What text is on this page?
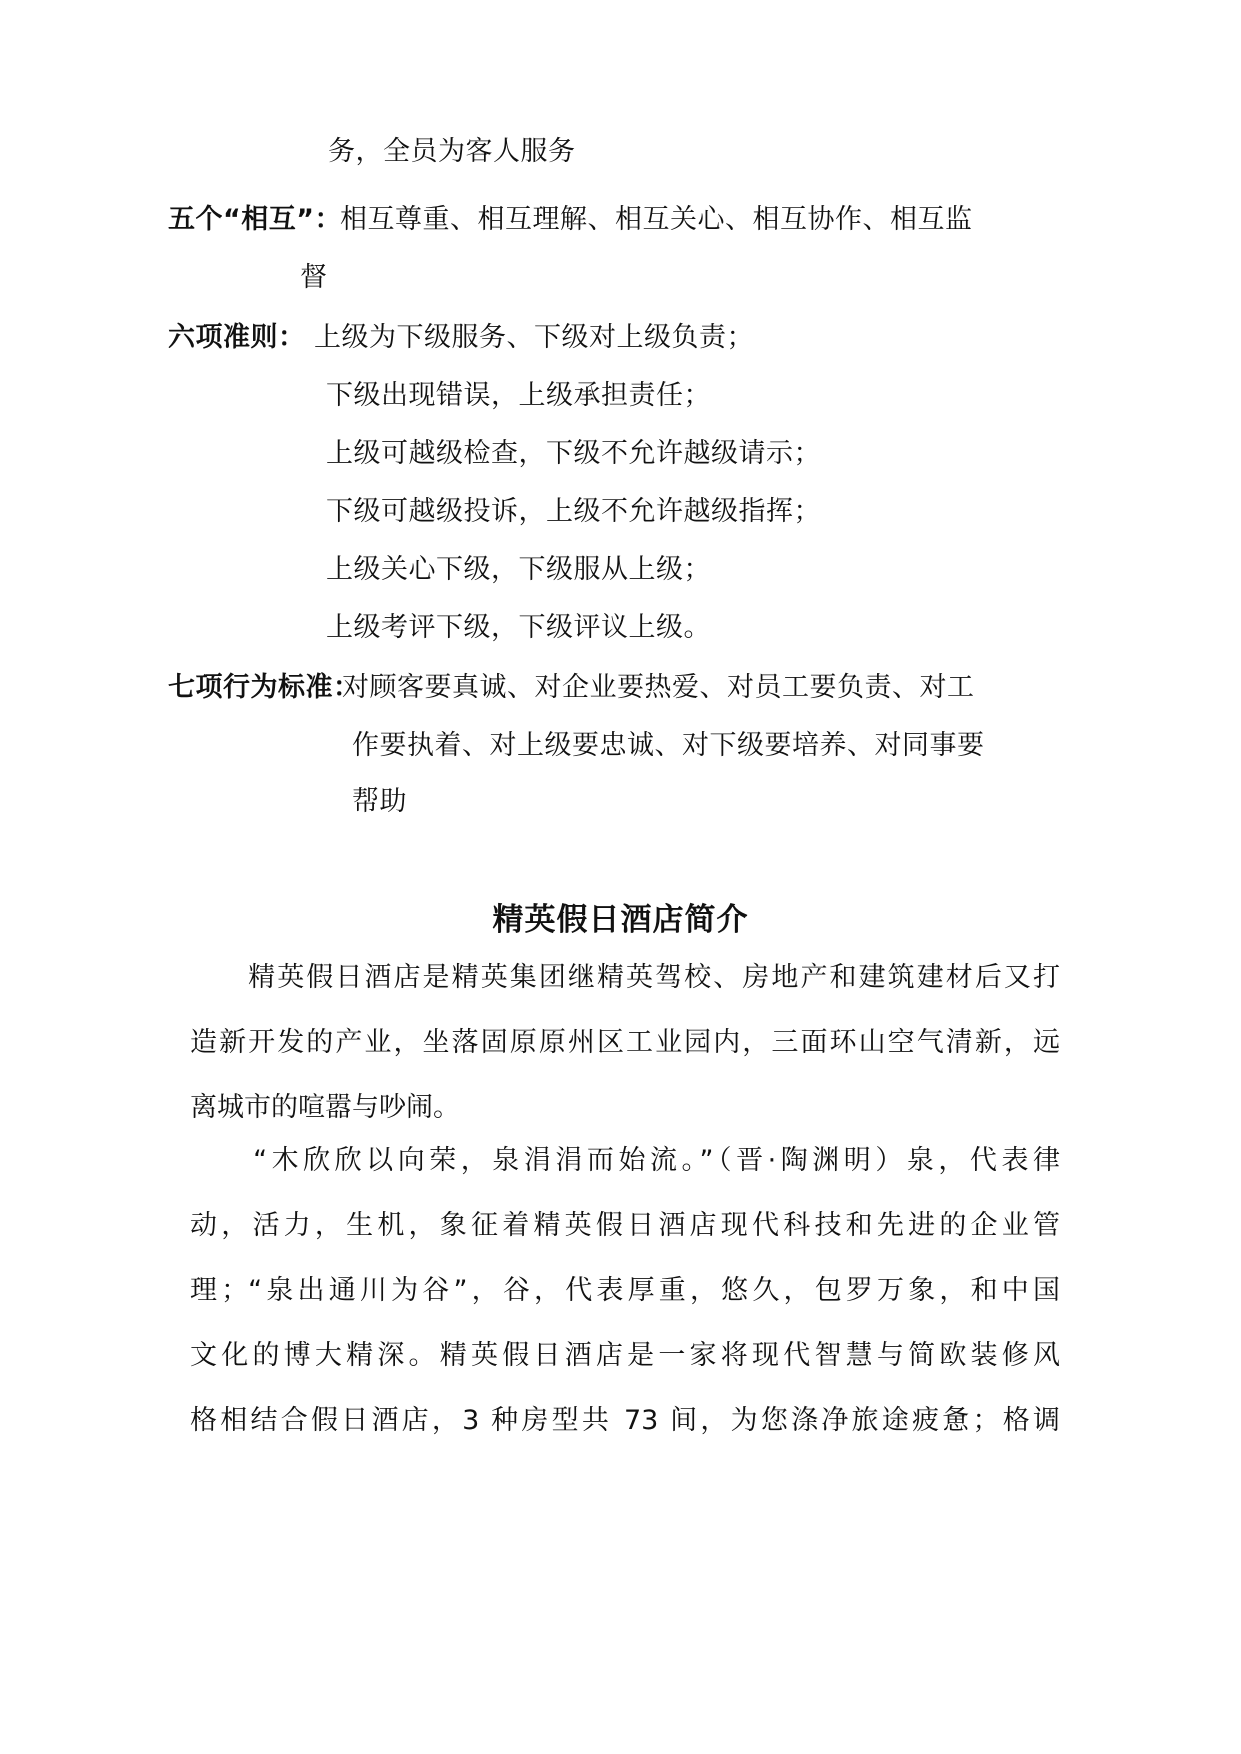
务，全员为客人服务
五个“相互”：
相互尊重、相互理解、相互关心、相互协作、相互监
督
六项准则： 上级为下级服务、下级对上级负责；
下级出现错误，上级承担责任；
上级可越级检查，下级不允许越级请示；
下级可越级投诉，上级不允许越级指挥；
上级关心下级，下级服从上级；
上级考评下级，下级评议上级。
七项行为标准：
对顾客要真诚、对企业要热爱、对员工要负责、对工
作要执着、对上级要忠诚、对下级要培养、对同事要
帮助
精英假日酒店简介
　　精英假日酒店是精英集团继精英驾校、房地产和建筑建材后又打
造新开发的产业，坐落固原原州区工业园内，三面环山空气清新，远
离城市的喧嚣与吵闹。
　　“木欣欣以向荣，泉涓涓而始流。”（晋·陶渊明）泉，代表律
动，活力，生机，象征着精英假日酒店现代科技和先进的企业管
理；“泉出通川为谷”，谷，代表厚重，悠久，包罗万象，和中国
文化的博大精深。精英假日酒店是一家将现代智慧与简欧装修风
格相结合假日酒店，3 种房型共 73 间，为您涤净旅途疲惫；格调
